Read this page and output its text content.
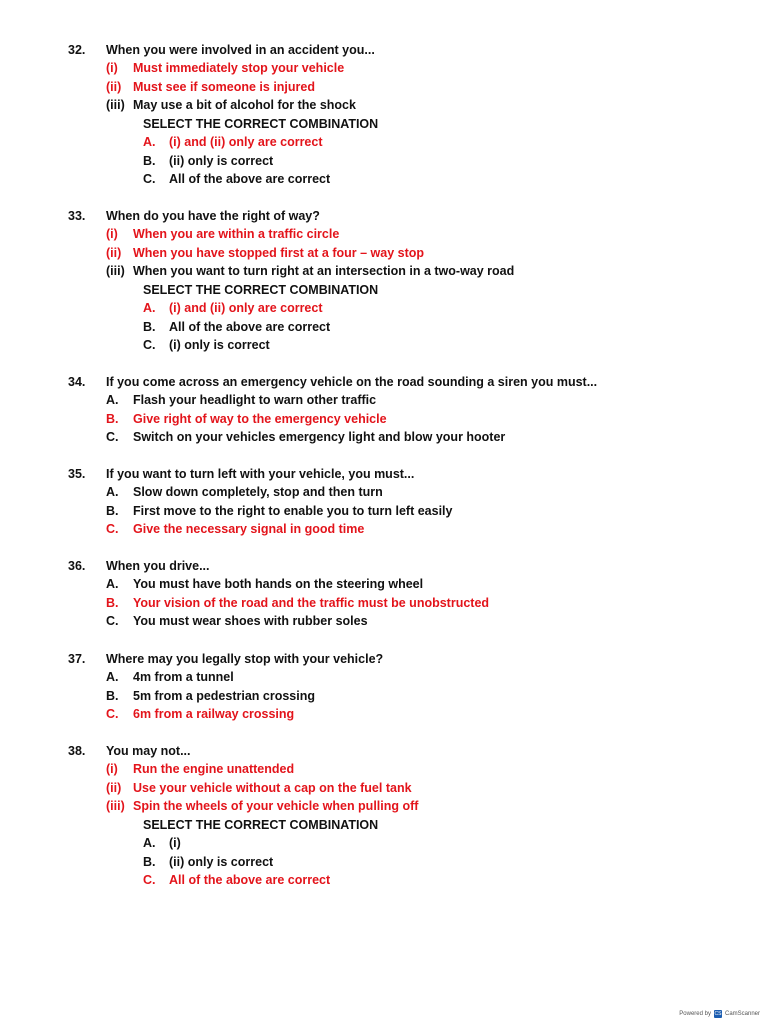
32. When you were involved in an accident you...
(i) Must immediately stop your vehicle
(ii) Must see if someone is injured
(iii) May use a bit of alcohol for the shock
SELECT THE CORRECT COMBINATION
A. (i) and (ii) only are correct
B. (ii) only is correct
C. All of the above are correct
33. When do you have the right of way?
(i) When you are within a traffic circle
(ii) When you have stopped first at a four – way stop
(iii) When you want to turn right at an intersection in a two-way road
SELECT THE CORRECT COMBINATION
A. (i) and (ii) only are correct
B. All of the above are correct
C. (i) only is correct
34. If you come across an emergency vehicle on the road sounding a siren you must...
A. Flash your headlight to warn other traffic
B. Give right of way to the emergency vehicle
C. Switch on your vehicles emergency light and blow your hooter
35. If you want to turn left with your vehicle, you must...
A. Slow down completely, stop and then turn
B. First move to the right to enable you to turn left easily
C. Give the necessary signal in good time
36. When you drive...
A. You must have both hands on the steering wheel
B. Your vision of the road and the traffic must be unobstructed
C. You must wear shoes with rubber soles
37. Where may you legally stop with your vehicle?
A. 4m from a tunnel
B. 5m from a pedestrian crossing
C. 6m from a railway crossing
38. You may not...
(i) Run the engine unattended
(ii) Use your vehicle without a cap on the fuel tank
(iii) Spin the wheels of your vehicle when pulling off
SELECT THE CORRECT COMBINATION
A. (i)
B. (ii) only is correct
C. All of the above are correct
Powered by CS CamScanner
